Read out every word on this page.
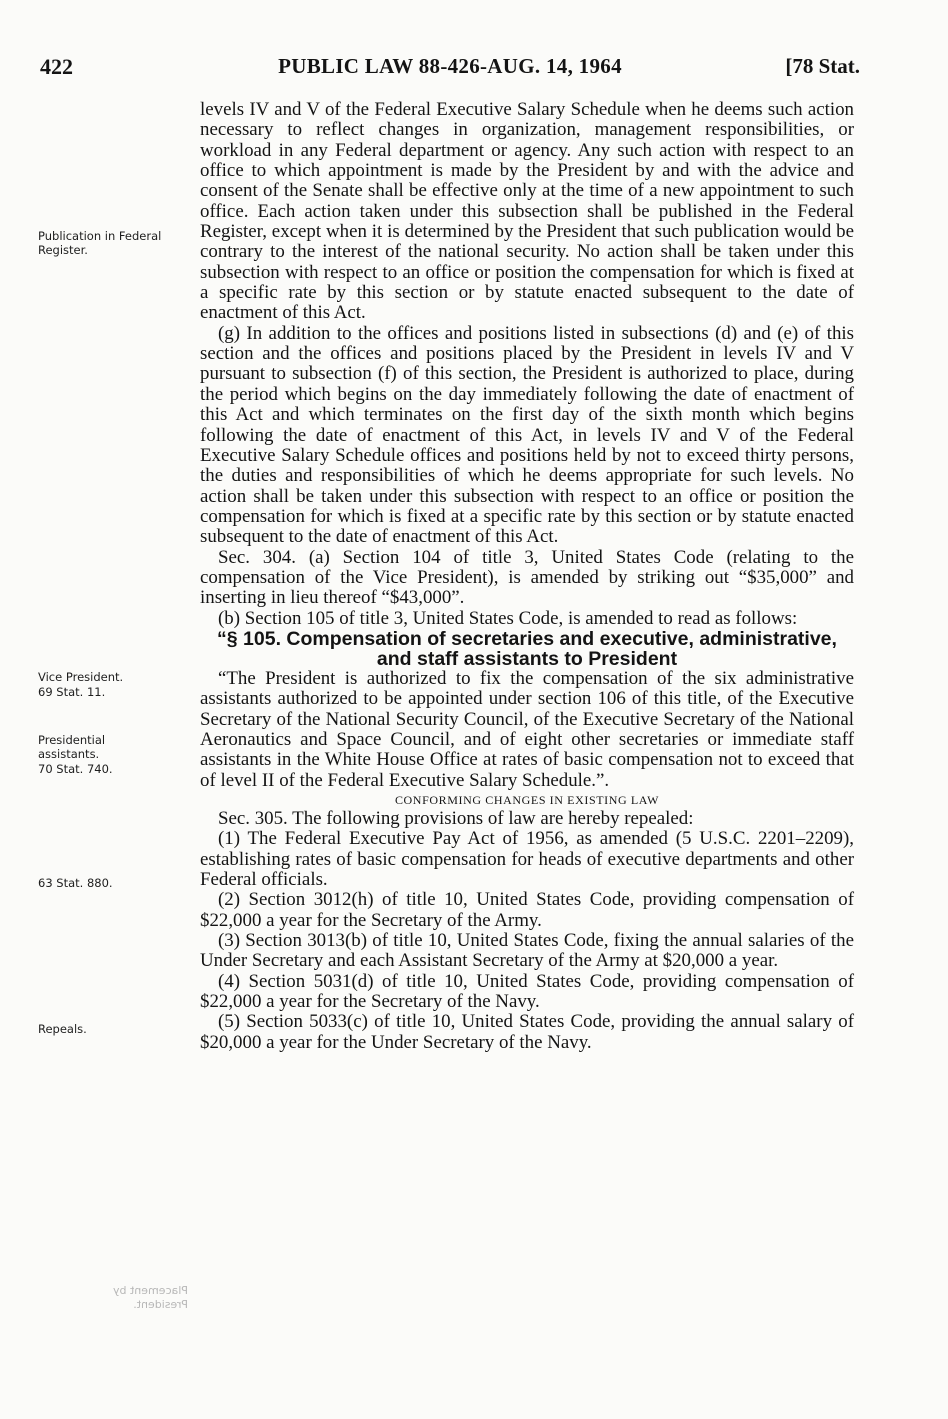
422	PUBLIC LAW 88-426-AUG. 14, 1964	[78 Stat.
Publication in Federal Register.
Vice President.
69 Stat. 11.
Presidential assistants.
70 Stat. 740.
63 Stat. 880.
Repeals.
Placement by President.

levels IV and V of the Federal Executive Salary Schedule when he deems such action necessary to reflect changes in organization, management responsibilities, or workload in any Federal department or agency. Any such action with respect to an office to which appointment is made by the President by and with the advice and consent of the Senate shall be effective only at the time of a new appointment to such office. Each action taken under this subsection shall be published in the Federal Register, except when it is determined by the President that such publication would be contrary to the interest of the national security. No action shall be taken under this subsection with respect to an office or position the compensation for which is fixed at a specific rate by this section or by statute enacted subsequent to the date of enactment of this Act.

(g) In addition to the offices and positions listed in subsections (d) and (e) of this section and the offices and positions placed by the President in levels IV and V pursuant to subsection (f) of this section, the President is authorized to place, during the period which begins on the day immediately following the date of enactment of this Act and which terminates on the first day of the sixth month which begins following the date of enactment of this Act, in levels IV and V of the Federal Executive Salary Schedule offices and positions held by not to exceed thirty persons, the duties and responsibilities of which he deems appropriate for such levels. No action shall be taken under this subsection with respect to an office or position the compensation for which is fixed at a specific rate by this section or by statute enacted subsequent to the date of enactment of this Act.

Sec. 304. (a) Section 104 of title 3, United States Code (relating to the compensation of the Vice President), is amended by striking out “$35,000” and inserting in lieu thereof “$43,000”.

(b) Section 105 of title 3, United States Code, is amended to read as follows:

“§ 105. Compensation of secretaries and executive, administrative, and staff assistants to President

“The President is authorized to fix the compensation of the six administrative assistants authorized to be appointed under section 106 of this title, of the Executive Secretary of the National Security Council, of the Executive Secretary of the National Aeronautics and Space Council, and of eight other secretaries or immediate staff assistants in the White House Office at rates of basic compensation not to exceed that of level II of the Federal Executive Salary Schedule.”.

CONFORMING CHANGES IN EXISTING LAW

Sec. 305. The following provisions of law are hereby repealed:

(1) The Federal Executive Pay Act of 1956, as amended (5 U.S.C. 2201–2209), establishing rates of basic compensation for heads of executive departments and other Federal officials.

(2) Section 3012(h) of title 10, United States Code, providing compensation of $22,000 a year for the Secretary of the Army.

(3) Section 3013(b) of title 10, United States Code, fixing the annual salaries of the Under Secretary and each Assistant Secretary of the Army at $20,000 a year.

(4) Section 5031(d) of title 10, United States Code, providing compensation of $22,000 a year for the Secretary of the Navy.

(5) Section 5033(c) of title 10, United States Code, providing the annual salary of $20,000 a year for the Under Secretary of the Navy.
